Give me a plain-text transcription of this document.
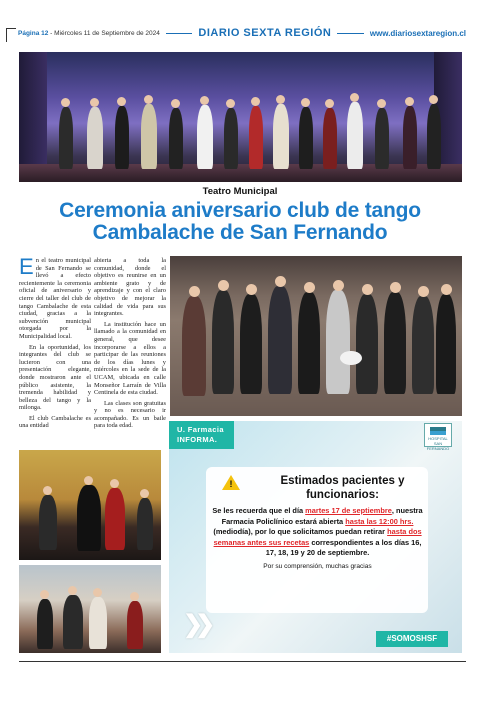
Página 12 - Miércoles 11 de Septiembre de 2024	DIARIO SEXTA REGIÓN	www.diariosextaregion.cl
Teatro Municipal
Ceremonia aniversario club de tango
Cambalache de San Fernando

En el teatro municipal de San Fernando se llevó a efecto recientemente la ceremonia oficial de aniversario y cierre del taller del club de tango Cambalache de esta ciudad, gracias a la subvención municipal otorgada por la Municipalidad local.

En la oportunidad, los integrantes del club se lucieron con una presentación elegante, donde mostraron ante el público asistente, la tremenda habilidad y belleza del tango y la milonga.

El club Cambalache es una entidad

abierta a toda la comunidad, donde el objetivo es reunirse en un ambiente grato y de aprendizaje y con el claro objetivo de mejorar la calidad de vida para sus integrantes.

La institución hace un llamado a la comunidad en general, que desee incorporarse a ellos a participar de las reuniones de los días lunes y miércoles en la sede de la UCAM, ubicada en calle Monseñor Larraín de Villa Centinela de esta ciudad.

Las clases son gratuitas y no es necesario ir acompañado. Es un baile para toda edad.	U. Farmacia
INFORMA.	HOSPITAL SAN FERNANDO
!	Estimados pacientes y
funcionarios:
Se les recuerda que el día martes 17 de septiembre, nuestra Farmacia Policlínico estará abierta hasta las 12:00 hrs. (mediodía), por lo que solicitamos puedan retirar hasta dos semanas antes sus recetas correspondientes a los días 16, 17, 18, 19 y 20 de septiembre.
Por su comprensión, muchas gracias
❯❯
#SOMOSHSF
